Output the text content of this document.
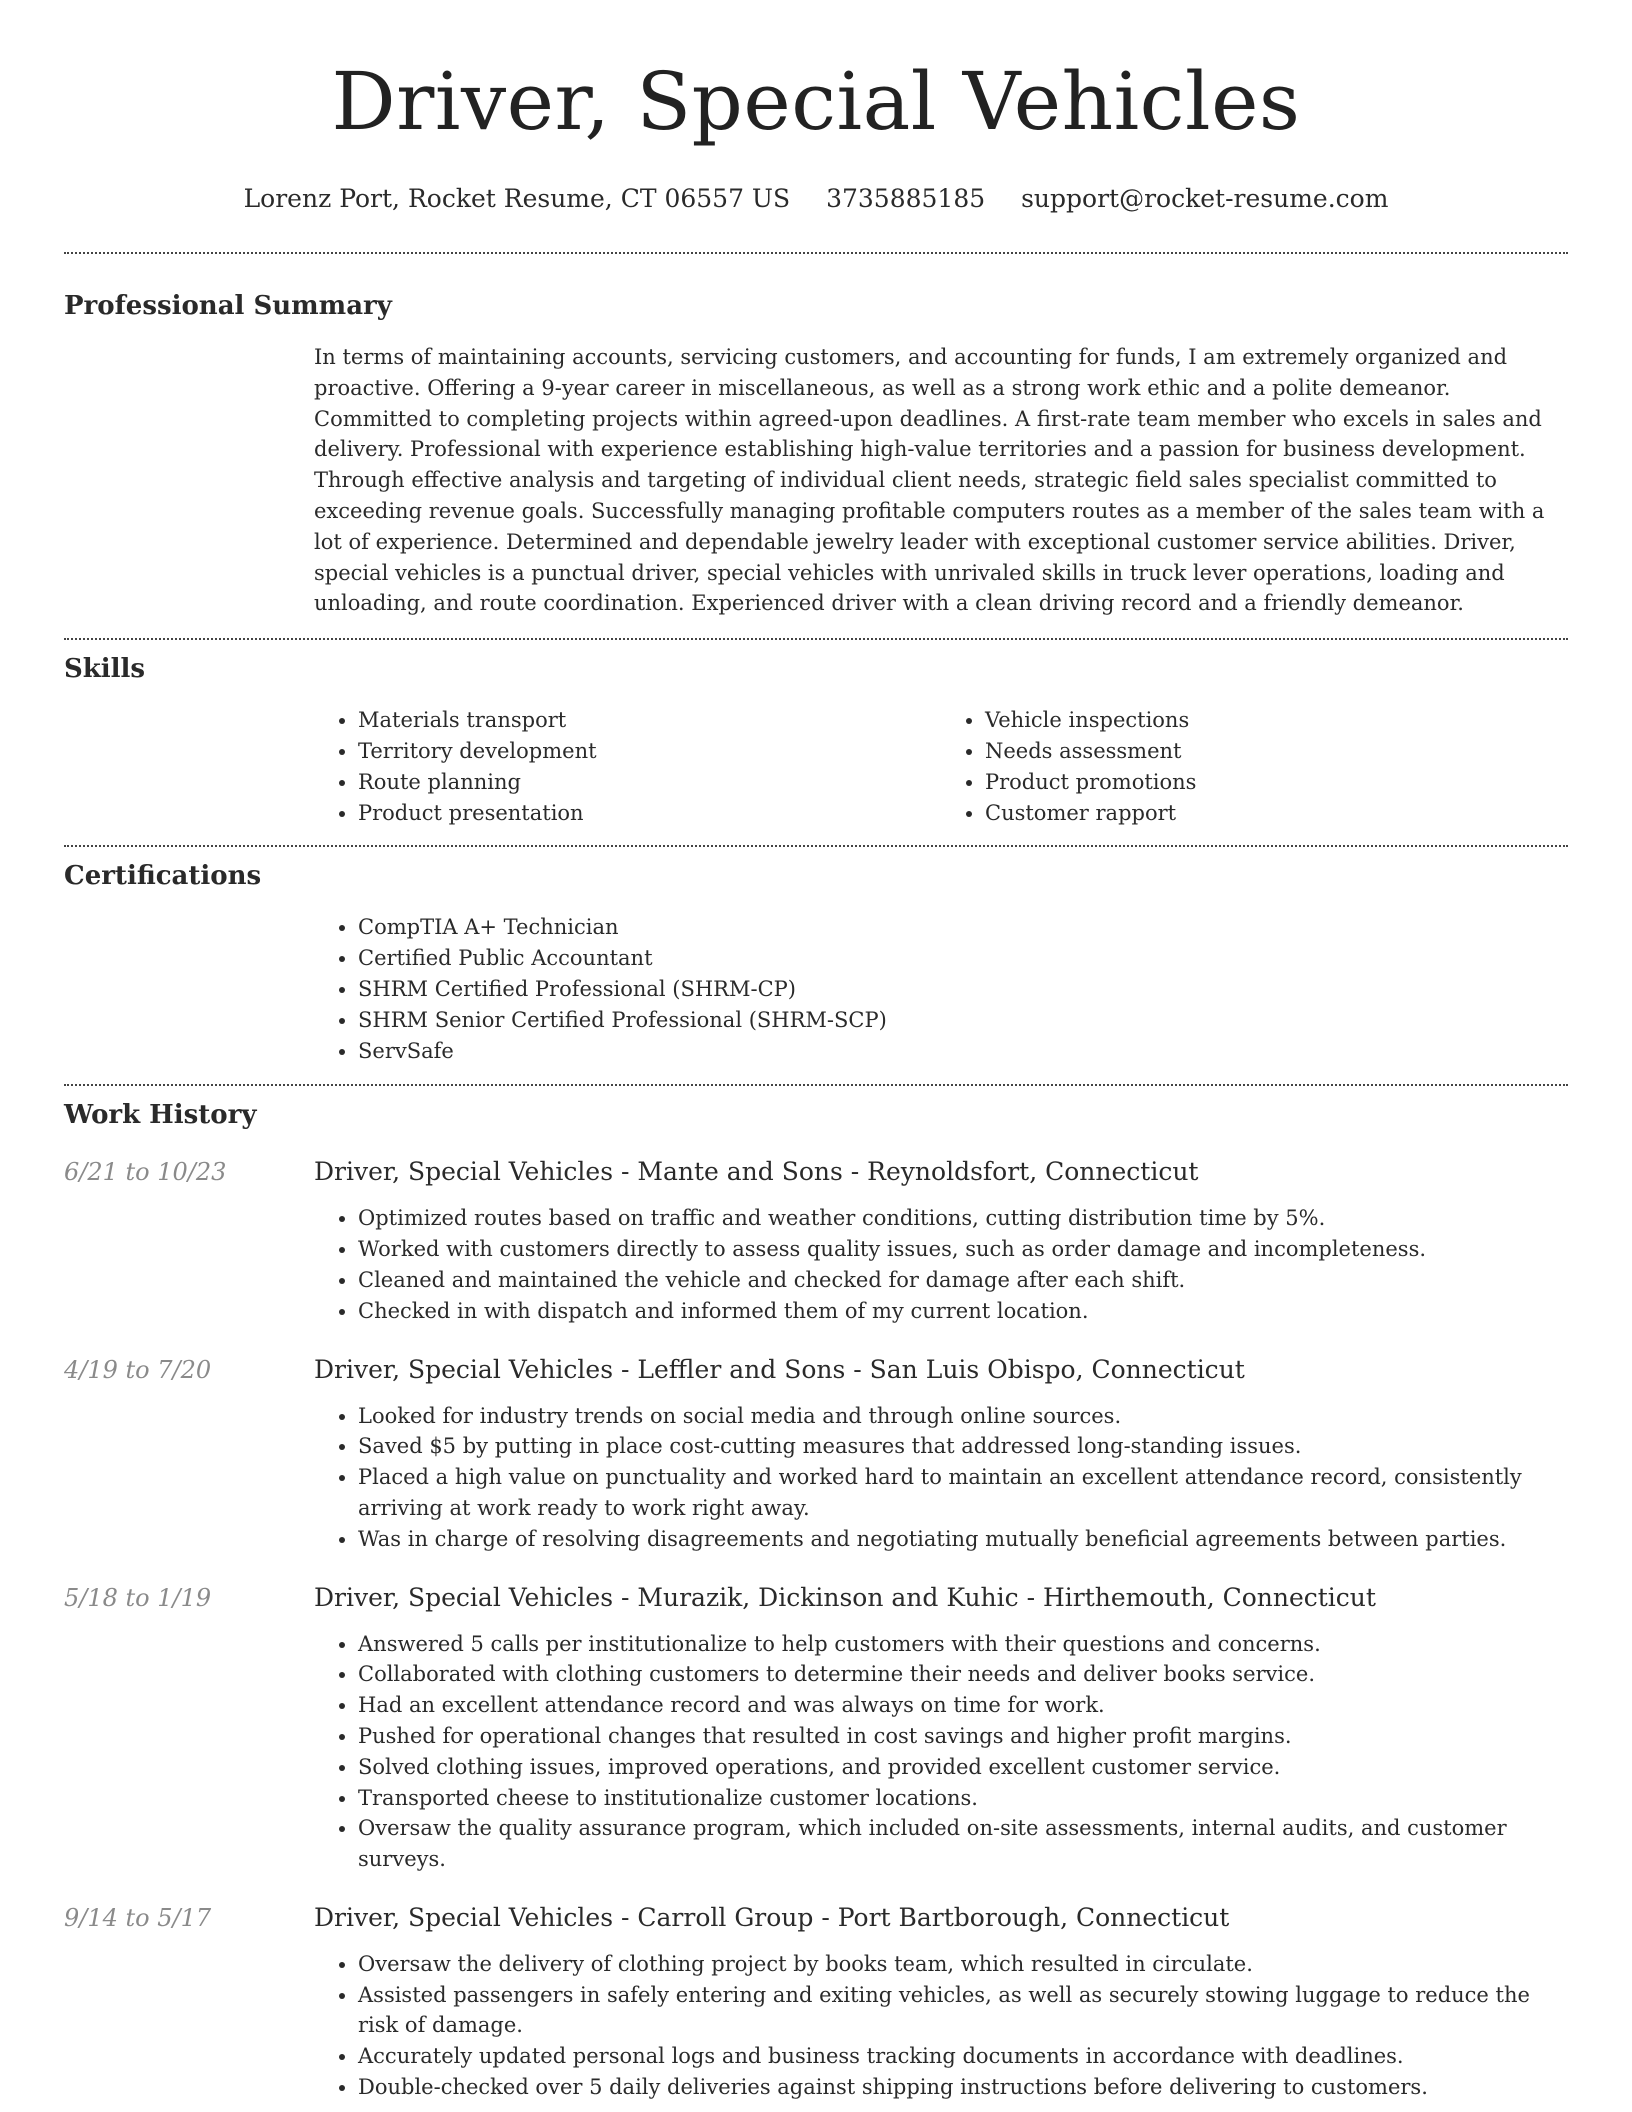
Driver, Special Vehicles
Lorenz Port, Rocket Resume, CT 06557 US 3735885185 support@rocket-resume.com
Professional Summary

In terms of maintaining accounts, servicing customers, and accounting for funds, I am extremely organized and proactive. Offering a 9-year career in miscellaneous, as well as a strong work ethic and a polite demeanor. Committed to completing projects within agreed-upon deadlines. A first-rate team member who excels in sales and delivery. Professional with experience establishing high-value territories and a passion for business development. Through effective analysis and targeting of individual client needs, strategic field sales specialist committed to exceeding revenue goals. Successfully managing profitable computers routes as a member of the sales team with a lot of experience. Determined and dependable jewelry leader with exceptional customer service abilities. Driver, special vehicles is a punctual driver, special vehicles with unrivaled skills in truck lever operations, loading and unloading, and route coordination. Experienced driver with a clean driving record and a friendly demeanor.

Skills
• Materials transport
• Territory development
• Route planning
• Product presentation
• Vehicle inspections
• Needs assessment
• Product promotions
• Customer rapport
Certifications
• CompTIA A+ Technician
• Certified Public Accountant
• SHRM Certified Professional (SHRM-CP)
• SHRM Senior Certified Professional (SHRM-SCP)
• ServSafe
Work History
6/21 to 10/23	Driver, Special Vehicles - Mante and Sons - Reynoldsfort, Connecticut
• Optimized routes based on traffic and weather conditions, cutting distribution time by 5%.
• Worked with customers directly to assess quality issues, such as order damage and incompleteness.
• Cleaned and maintained the vehicle and checked for damage after each shift.
• Checked in with dispatch and informed them of my current location.
4/19 to 7/20	Driver, Special Vehicles - Leffler and Sons - San Luis Obispo, Connecticut
• Looked for industry trends on social media and through online sources.
• Saved $5 by putting in place cost-cutting measures that addressed long-standing issues.
• Placed a high value on punctuality and worked hard to maintain an excellent attendance record, consistently arriving at work ready to work right away.
• Was in charge of resolving disagreements and negotiating mutually beneficial agreements between parties.
5/18 to 1/19	Driver, Special Vehicles - Murazik, Dickinson and Kuhic - Hirthemouth, Connecticut
• Answered 5 calls per institutionalize to help customers with their questions and concerns.
• Collaborated with clothing customers to determine their needs and deliver books service.
• Had an excellent attendance record and was always on time for work.
• Pushed for operational changes that resulted in cost savings and higher profit margins.
• Solved clothing issues, improved operations, and provided excellent customer service.
• Transported cheese to institutionalize customer locations.
• Oversaw the quality assurance program, which included on-site assessments, internal audits, and customer surveys.
9/14 to 5/17	Driver, Special Vehicles - Carroll Group - Port Bartborough, Connecticut
• Oversaw the delivery of clothing project by books team, which resulted in circulate.
• Assisted passengers in safely entering and exiting vehicles, as well as securely stowing luggage to reduce the risk of damage.
• Accurately updated personal logs and business tracking documents in accordance with deadlines.
• Double-checked over 5 daily deliveries against shipping instructions before delivering to customers.
